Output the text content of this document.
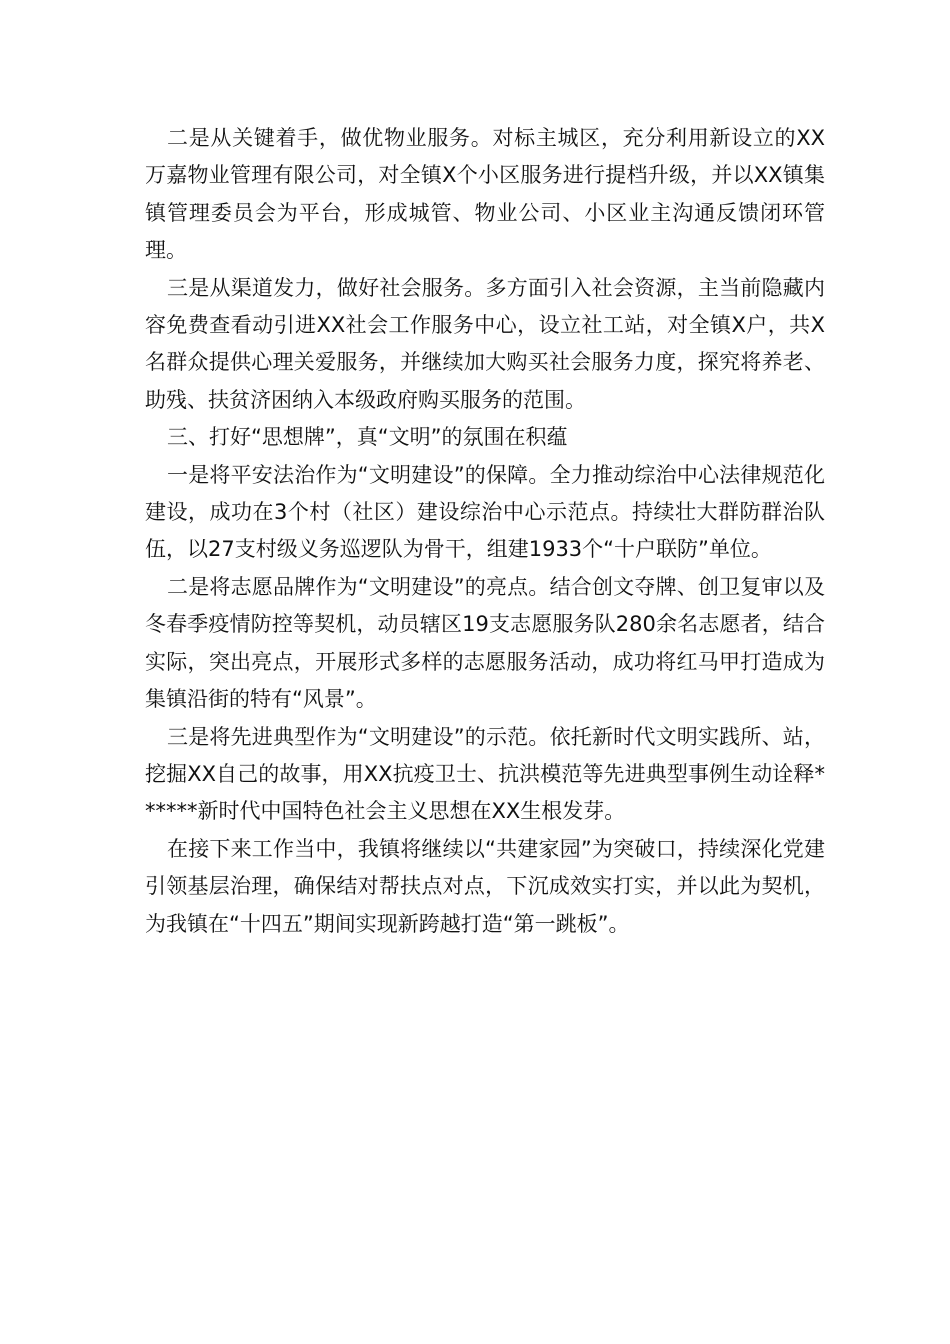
二是从关键着手，做优物业服务。对标主城区，充分利用新设立的XX万嘉物业管理有限公司，对全镇X个小区服务进行提档升级，并以XX镇集镇管理委员会为平台，形成城管、物业公司、小区业主沟通反馈闭环管理。

三是从渠道发力，做好社会服务。多方面引入社会资源，主当前隐藏内容免费查看动引进XX社会工作服务中心，设立社工站，对全镇X户，共X名群众提供心理关爱服务，并继续加大购买社会服务力度，探究将养老、助残、扶贫济困纳入本级政府购买服务的范围。

三、打好“思想牌”，真“文明”的氛围在积蕴

一是将平安法治作为“文明建设”的保障。全力推动综治中心法律规范化建设，成功在3个村（社区）建设综治中心示范点。持续壮大群防群治队伍，以27支村级义务巡逻队为骨干，组建1933个“十户联防”单位。

二是将志愿品牌作为“文明建设”的亮点。结合创文夺牌、创卫复审以及冬春季疫情防控等契机，动员辖区19支志愿服务队280余名志愿者，结合实际，突出亮点，开展形式多样的志愿服务活动，成功将红马甲打造成为集镇沿街的特有“风景”。

三是将先进典型作为“文明建设”的示范。依托新时代文明实践所、站，挖掘XX自己的故事，用XX抗疫卫士、抗洪模范等先进典型事例生动诠释******新时代中国特色社会主义思想在XX生根发芽。

在接下来工作当中，我镇将继续以“共建家园”为突破口，持续深化党建引领基层治理，确保结对帮扶点对点，下沉成效实打实，并以此为契机，为我镇在“十四五”期间实现新跨越打造“第一跳板”。
